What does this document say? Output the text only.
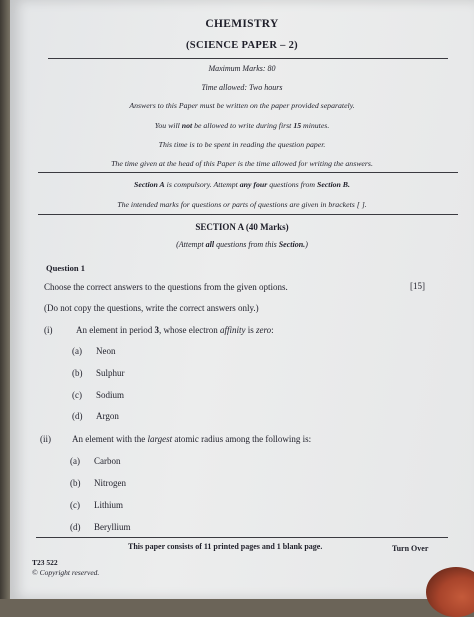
CHEMISTRY
(SCIENCE PAPER – 2)
Maximum Marks: 80
Time allowed: Two hours
Answers to this Paper must be written on the paper provided separately.
You will not be allowed to write during first 15 minutes.
This time is to be spent in reading the question paper.
The time given at the head of this Paper is the time allowed for writing the answers.
Section A is compulsory. Attempt any four questions from Section B.
The intended marks for questions or parts of questions are given in brackets [ ].
SECTION A (40 Marks)
(Attempt all questions from this Section.)
Question 1
Choose the correct answers to the questions from the given options.	[15]
(Do not copy the questions, write the correct answers only.)
(i)	An element in period 3, whose electron affinity is zero:
(a) Neon
(b) Sulphur
(c) Sodium
(d) Argon
(ii) An element with the largest atomic radius among the following is:
(a) Carbon
(b) Nitrogen
(c) Lithium
(d) Beryllium
This paper consists of 11 printed pages and 1 blank page.	Turn Over
T23 522
© Copyright reserved.
